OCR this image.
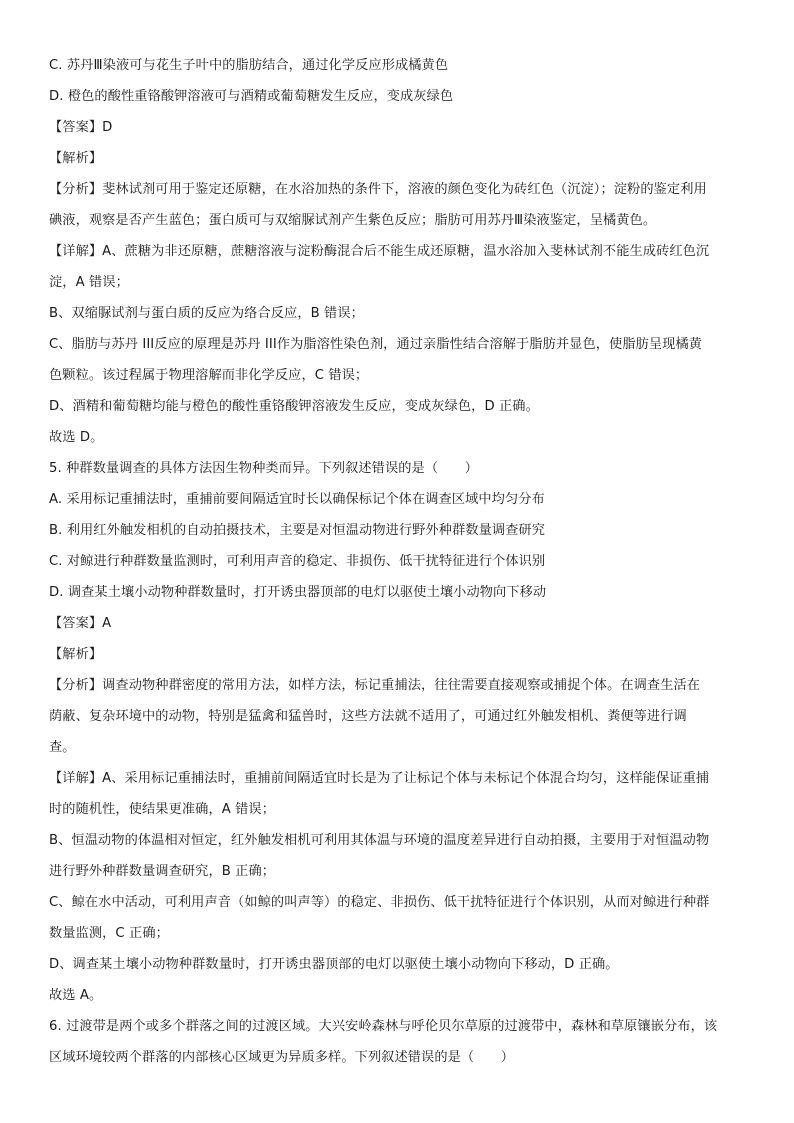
C. 苏丹Ⅲ染液可与花生子叶中的脂肪结合，通过化学反应形成橘黄色
D. 橙色的酸性重铬酸钾溶液可与酒精或葡萄糖发生反应，变成灰绿色
【答案】D
【解析】
【分析】斐林试剂可用于鉴定还原糖，在水浴加热的条件下，溶液的颜色变化为砖红色（沉淀）；淀粉的鉴定利用
碘液，观察是否产生蓝色；蛋白质可与双缩脲试剂产生紫色反应；脂肪可用苏丹Ⅲ染液鉴定，呈橘黄色。
【详解】A、蔗糖为非还原糖，蔗糖溶液与淀粉酶混合后不能生成还原糖，温水浴加入斐林试剂不能生成砖红色沉
淀，A 错误；
B、双缩脲试剂与蛋白质的反应为络合反应，B 错误；
C、脂肪与苏丹 III反应的原理是苏丹 III作为脂溶性染色剂，通过亲脂性结合溶解于脂肪并显色，使脂肪呈现橘黄
色颗粒。该过程属于物理溶解而非化学反应，C 错误；
D、酒精和葡萄糖均能与橙色的酸性重铬酸钾溶液发生反应，变成灰绿色，D 正确。
故选 D。
5. 种群数量调查的具体方法因生物种类而异。下列叙述错误的是（　　）
A. 采用标记重捕法时，重捕前要间隔适宜时长以确保标记个体在调查区域中均匀分布
B. 利用红外触发相机的自动拍摄技术，主要是对恒温动物进行野外种群数量调查研究
C. 对鲸进行种群数量监测时，可利用声音的稳定、非损伤、低干扰特征进行个体识别
D. 调查某土壤小动物种群数量时，打开诱虫器顶部的电灯以驱使土壤小动物向下移动
【答案】A
【解析】
【分析】调查动物种群密度的常用方法，如样方法，标记重捕法，往往需要直接观察或捕捉个体。在调查生活在
荫蔽、复杂环境中的动物，特别是猛禽和猛兽时，这些方法就不适用了，可通过红外触发相机、粪便等进行调
查。
【详解】A、采用标记重捕法时，重捕前间隔适宜时长是为了让标记个体与未标记个体混合均匀，这样能保证重捕
时的随机性，使结果更准确，A 错误；
B、恒温动物的体温相对恒定，红外触发相机可利用其体温与环境的温度差异进行自动拍摄，主要用于对恒温动物
进行野外种群数量调查研究，B 正确；
C、鲸在水中活动，可利用声音（如鲸的叫声等）的稳定、非损伤、低干扰特征进行个体识别，从而对鲸进行种群
数量监测，C 正确；
D、调查某土壤小动物种群数量时，打开诱虫器顶部的电灯以驱使土壤小动物向下移动，D 正确。
故选 A。
6. 过渡带是两个或多个群落之间的过渡区域。大兴安岭森林与呼伦贝尔草原的过渡带中，森林和草原镶嵌分布，该
区域环境较两个群落的内部核心区域更为异质多样。下列叙述错误的是（　　）
